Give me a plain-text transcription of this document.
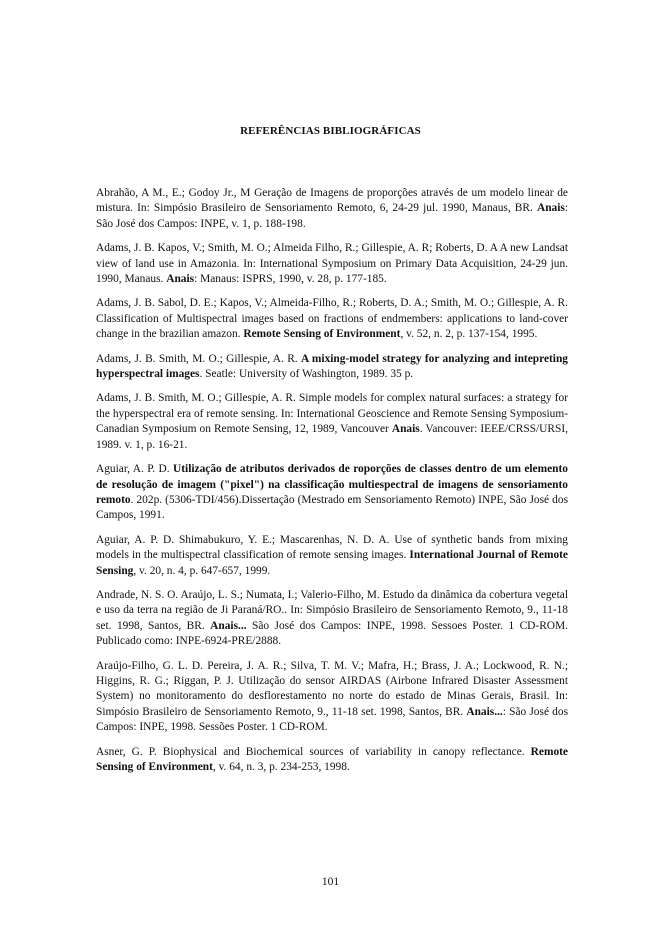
REFERÊNCIAS BIBLIOGRÁFICAS

Abrahão, A M., E.; Godoy Jr., M Geração de Imagens de proporções através de um modelo linear de mistura. In: Simpósio Brasileiro de Sensoriamento Remoto, 6, 24-29 jul. 1990, Manaus, BR. Anais: São José dos Campos: INPE, v. 1, p. 188-198.

Adams, J. B. Kapos, V.; Smith, M. O.; Almeida Filho, R.; Gillespie, A. R; Roberts, D. A A new Landsat view of land use in Amazonia. In: International Symposium on Primary Data Acquisition, 24-29 jun. 1990, Manaus. Anais: Manaus: ISPRS, 1990, v. 28, p. 177-185.

Adams, J. B. Sabol, D. E.; Kapos, V.; Almeida-Filho, R.; Roberts, D. A.; Smith, M. O.; Gillespie, A. R. Classification of Multispectral images based on fractions of endmembers: applications to land-cover change in the brazilian amazon. Remote Sensing of Environment, v. 52, n. 2, p. 137-154, 1995.

Adams, J. B. Smith, M. O.; Gillespie, A. R. A mixing-model strategy for analyzing and intepreting hyperspectral images. Seatle: University of Washington, 1989. 35 p.

Adams, J. B. Smith, M. O.; Gillespie, A. R. Simple models for complex natural surfaces: a strategy for the hyperspectral era of remote sensing. In: International Geoscience and Remote Sensing Symposium- Canadian Symposium on Remote Sensing, 12, 1989, Vancouver Anais. Vancouver: IEEE/CRSS/URSI, 1989. v. 1, p. 16-21.

Aguiar, A. P. D. Utilização de atributos derivados de roporções de classes dentro de um elemento de resolução de imagem ("pixel") na classificação multiespectral de imagens de sensoriamento remoto. 202p. (5306-TDI/456).Dissertação (Mestrado em Sensoriamento Remoto) INPE, São José dos Campos, 1991.

Aguiar, A. P. D. Shimabukuro, Y. E.; Mascarenhas, N. D. A. Use of synthetic bands from mixing models in the multispectral classification of remote sensing images. International Journal of Remote Sensing, v. 20, n. 4, p. 647-657, 1999.

Andrade, N. S. O. Araújo, L. S.; Numata, I.; Valerio-Filho, M. Estudo da dinâmica da cobertura vegetal e uso da terra na região de Ji Paraná/RO.. In: Simpósio Brasileiro de Sensoriamento Remoto, 9., 11-18 set. 1998, Santos, BR. Anais... São José dos Campos: INPE, 1998. Sessoes Poster. 1 CD-ROM. Publicado como: INPE-6924-PRE/2888.

Araújo-Filho, G. L. D. Pereira, J. A. R.; Silva, T. M. V.; Mafra, H.; Brass, J. A.; Lockwood, R. N.; Higgins, R. G.; Riggan, P. J. Utilização do sensor AIRDAS (Airbone Infrared Disaster Assessment System) no monitoramento do desflorestamento no norte do estado de Minas Gerais, Brasil. In: Simpósio Brasileiro de Sensoriamento Remoto, 9., 11-18 set. 1998, Santos, BR. Anais...: São José dos Campos: INPE, 1998. Sessões Poster. 1 CD-ROM.

Asner, G. P. Biophysical and Biochemical sources of variability in canopy reflectance. Remote Sensing of Environment, v. 64, n. 3, p. 234-253, 1998.

101
